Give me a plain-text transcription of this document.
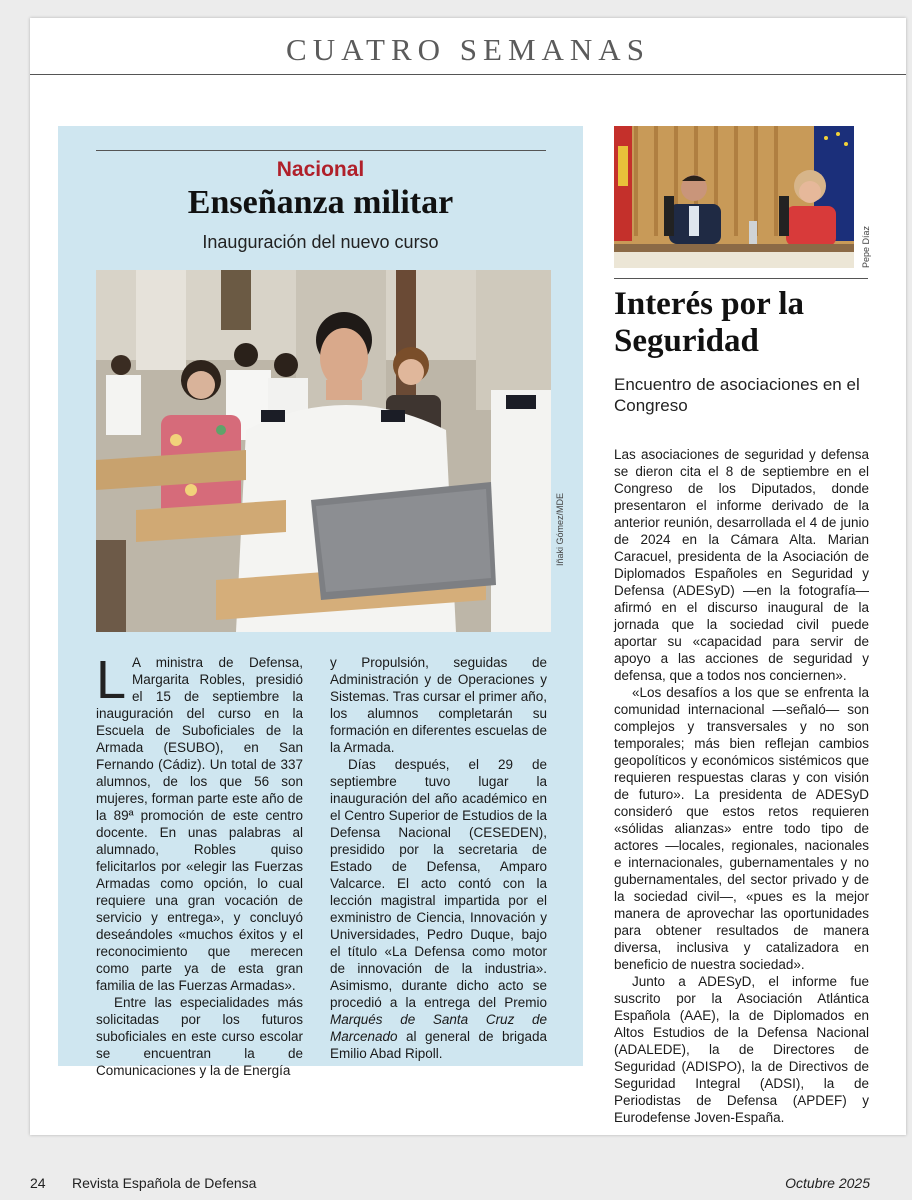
CUATRO SEMANAS
Nacional
Enseñanza militar
Inauguración del nuevo curso
Iñaki Gómez/MDE

L A ministra de Defensa, Margarita Robles, presidió el 15 de septiembre la inauguración del curso en la Escuela de Suboficiales de la Armada (ESUBO), en San Fernando (Cádiz). Un total de 337 alumnos, de los que 56 son mujeres, forman parte este año de la 89ª promoción de este centro docente. En unas palabras al alumnado, Robles quiso felicitarlos por «elegir las Fuerzas Armadas como opción, lo cual requiere una gran vocación de servicio y entrega», y concluyó deseándoles «muchos éxitos y el reconocimiento que merecen como parte ya de esta gran familia de las Fuerzas Armadas».

Entre las especialidades más solicitadas por los futuros suboficiales en este curso escolar se encuentran la de Comunicaciones y la de Energía

y Propulsión, seguidas de Administración y de Operaciones y Sistemas. Tras cursar el primer año, los alumnos completarán su formación en diferentes escuelas de la Armada.

Días después, el 29 de septiembre tuvo lugar la inauguración del año académico en el Centro Superior de Estudios de la Defensa Nacional (CESEDEN), presidido por la secretaria de Estado de Defensa, Amparo Valcarce. El acto contó con la lección magistral impartida por el exministro de Ciencia, Innovación y Universidades, Pedro Duque, bajo el título «La Defensa como motor de innovación de la industria». Asimismo, durante dicho acto se procedió a la entrega del Premio Marqués de Santa Cruz de Marcenado al general de brigada Emilio Abad Ripoll.

Pepe Díaz
Interés por la Seguridad
Encuentro de asociaciones en el Congreso

Las asociaciones de seguridad y defensa se dieron cita el 8 de septiembre en el Congreso de los Diputados, donde presentaron el informe derivado de la anterior reunión, desarrollada el 4 de junio de 2024 en la Cámara Alta. Marian Caracuel, presidenta de la Asociación de Diplomados Españoles en Seguridad y Defensa (ADESyD) —en la fotografía— afirmó en el discurso inaugural de la jornada que la sociedad civil puede aportar su «capacidad para servir de apoyo a las acciones de seguridad y defensa, que a todos nos conciernen».

«Los desafíos a los que se enfrenta la comunidad internacional —señaló— son complejos y transversales y no son temporales; más bien reflejan cambios geopolíticos y económicos sistémicos que requieren respuestas claras y con visión de futuro». La presidenta de ADESyD consideró que estos retos requieren «sólidas alianzas» entre todo tipo de actores —locales, regionales, nacionales e internacionales, gubernamentales y no gubernamentales, del sector privado y de la sociedad civil—, «pues es la mejor manera de aprovechar las oportunidades para obtener resultados de manera diversa, inclusiva y catalizadora en beneficio de nuestra sociedad».

Junto a ADESyD, el informe fue suscrito por la Asociación Atlántica Española (AAE), la de Diplomados en Altos Estudios de la Defensa Nacional (ADALEDE), la de Directores de Seguridad (ADISPO), la de Directivos de Seguridad Integral (ADSI), la de Periodistas de Defensa (APDEF) y Eurodefense Joven-España.

24 Revista Española de Defensa	Octubre 2025
